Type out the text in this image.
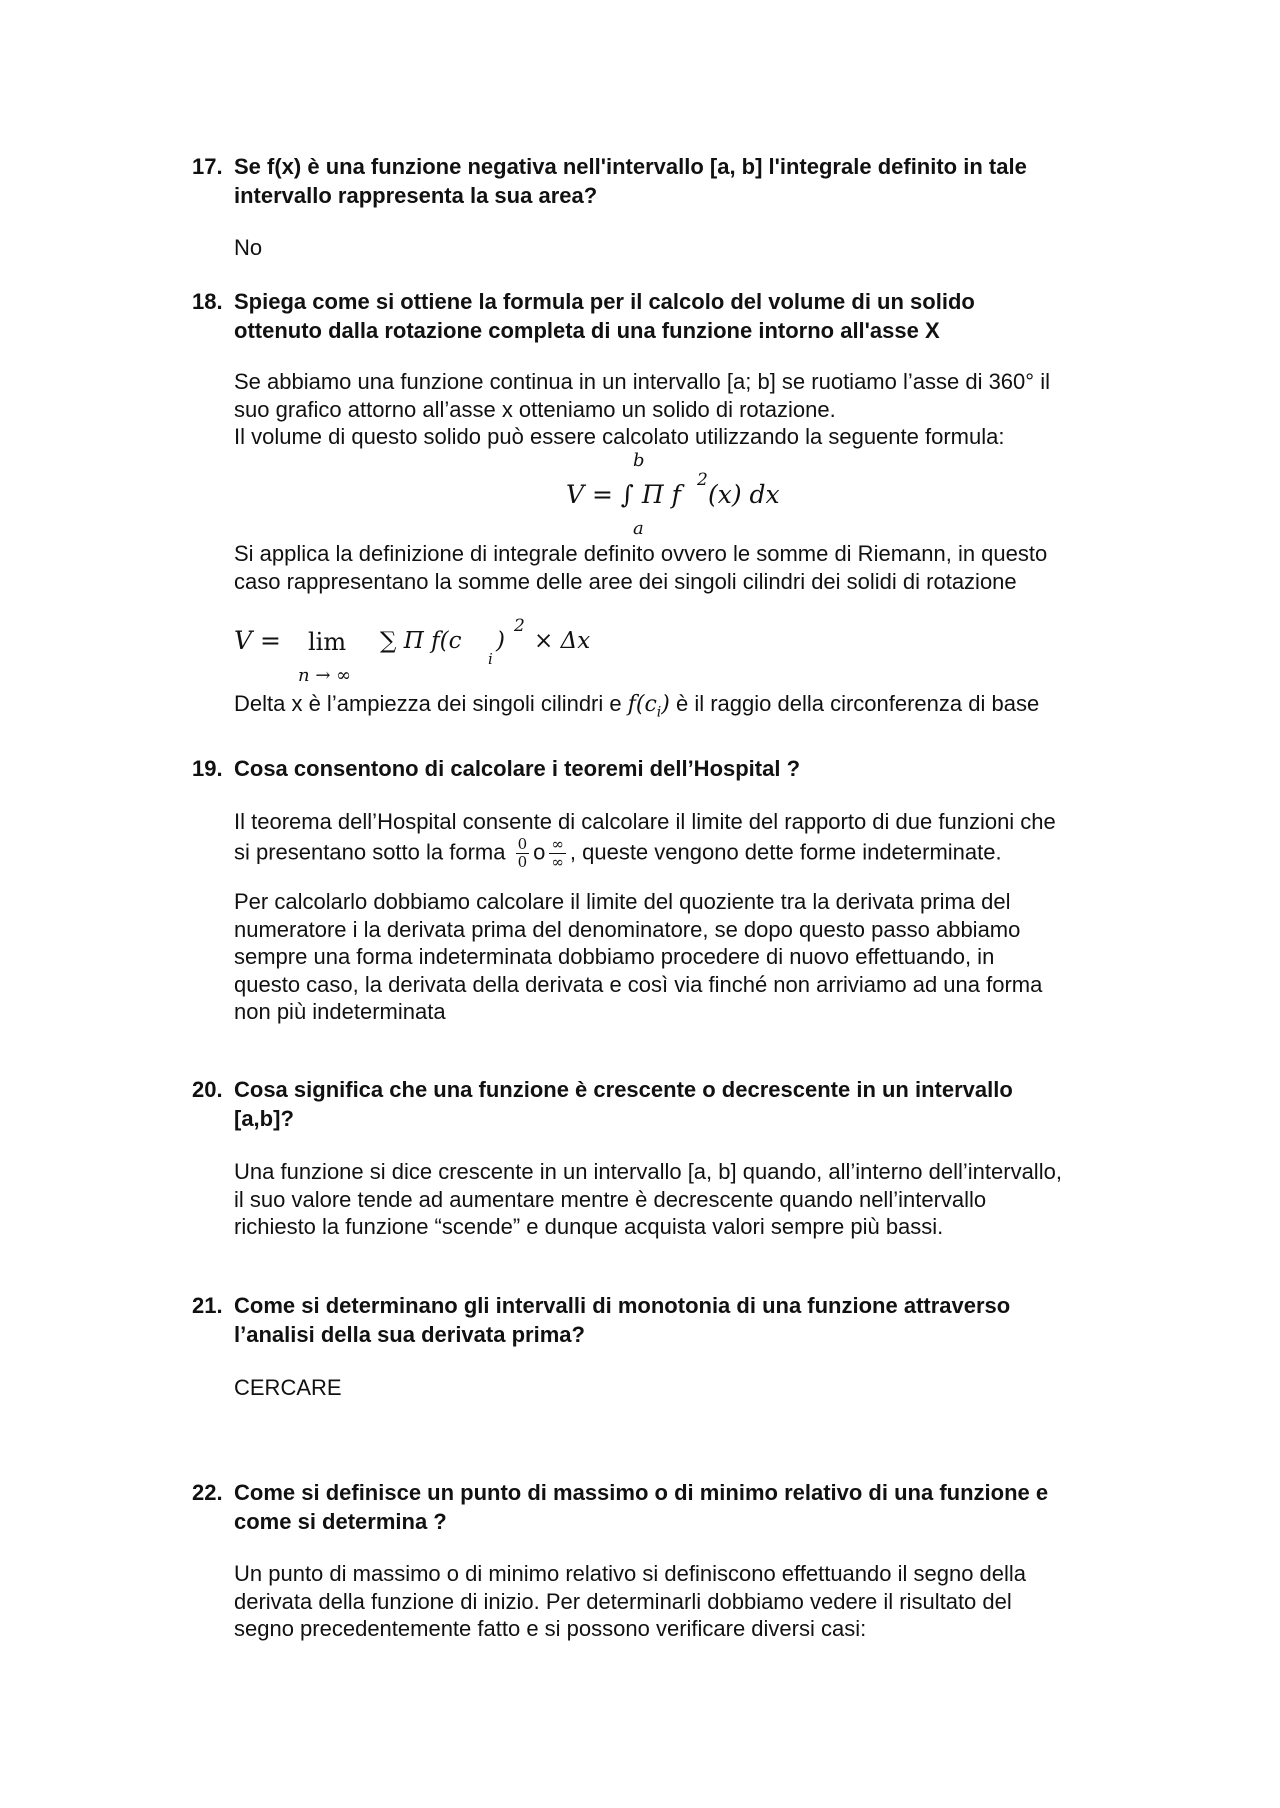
17. Se f(x) è una funzione negativa nell'intervallo [a, b] l'integrale definito in tale
intervallo rappresenta la sua area?
No
18. Spiega come si ottiene la formula per il calcolo del volume di un solido
ottenuto dalla rotazione completa di una funzione intorno all'asse X
Se abbiamo una funzione continua in un intervallo [a; b] se ruotiamo l’asse di 360° il
suo grafico attorno all’asse x otteniamo un solido di rotazione.
Il volume di questo solido può essere calcolato utilizzando la seguente formula:
b
V = ∫ Π f 2 (x) dx
a
Si applica la definizione di integrale definito ovvero le somme di Riemann, in questo
caso rappresentano la somme delle aree dei singoli cilindri dei solidi di rotazione
V = lim ∑ Π f(c
i
)
2
× Δx
n → ∞
Delta x è l’ampiezza dei singoli cilindri e $f(c_i)$ è il raggio della circonferenza di base
19. Cosa consentono di calcolare i teoremi dell’Hospital ?
Il teorema dell’Hospital consente di calcolare il limite del rapporto di due funzioni che
si presentano sotto la forma $\frac{0}{0}$ o $\frac{\infty}{\infty}$ , queste vengono dette forme indeterminate.
Per calcolarlo dobbiamo calcolare il limite del quoziente tra la derivata prima del
numeratore i la derivata prima del denominatore, se dopo questo passo abbiamo
sempre una forma indeterminata dobbiamo procedere di nuovo effettuando, in
questo caso, la derivata della derivata e così via finché non arriviamo ad una forma
non più indeterminata
20. Cosa significa che una funzione è crescente o decrescente in un intervallo
[a,b]?
Una funzione si dice crescente in un intervallo [a, b] quando, all’interno dell’intervallo,
il suo valore tende ad aumentare mentre è decrescente quando nell’intervallo
richiesto la funzione “scende” e dunque acquista valori sempre più bassi.
21. Come si determinano gli intervalli di monotonia di una funzione attraverso
l’analisi della sua derivata prima?
CERCARE
22. Come si definisce un punto di massimo o di minimo relativo di una funzione e
come si determina ?
Un punto di massimo o di minimo relativo si definiscono effettuando il segno della
derivata della funzione di inizio. Per determinarli dobbiamo vedere il risultato del
segno precedentemente fatto e si possono verificare diversi casi:
